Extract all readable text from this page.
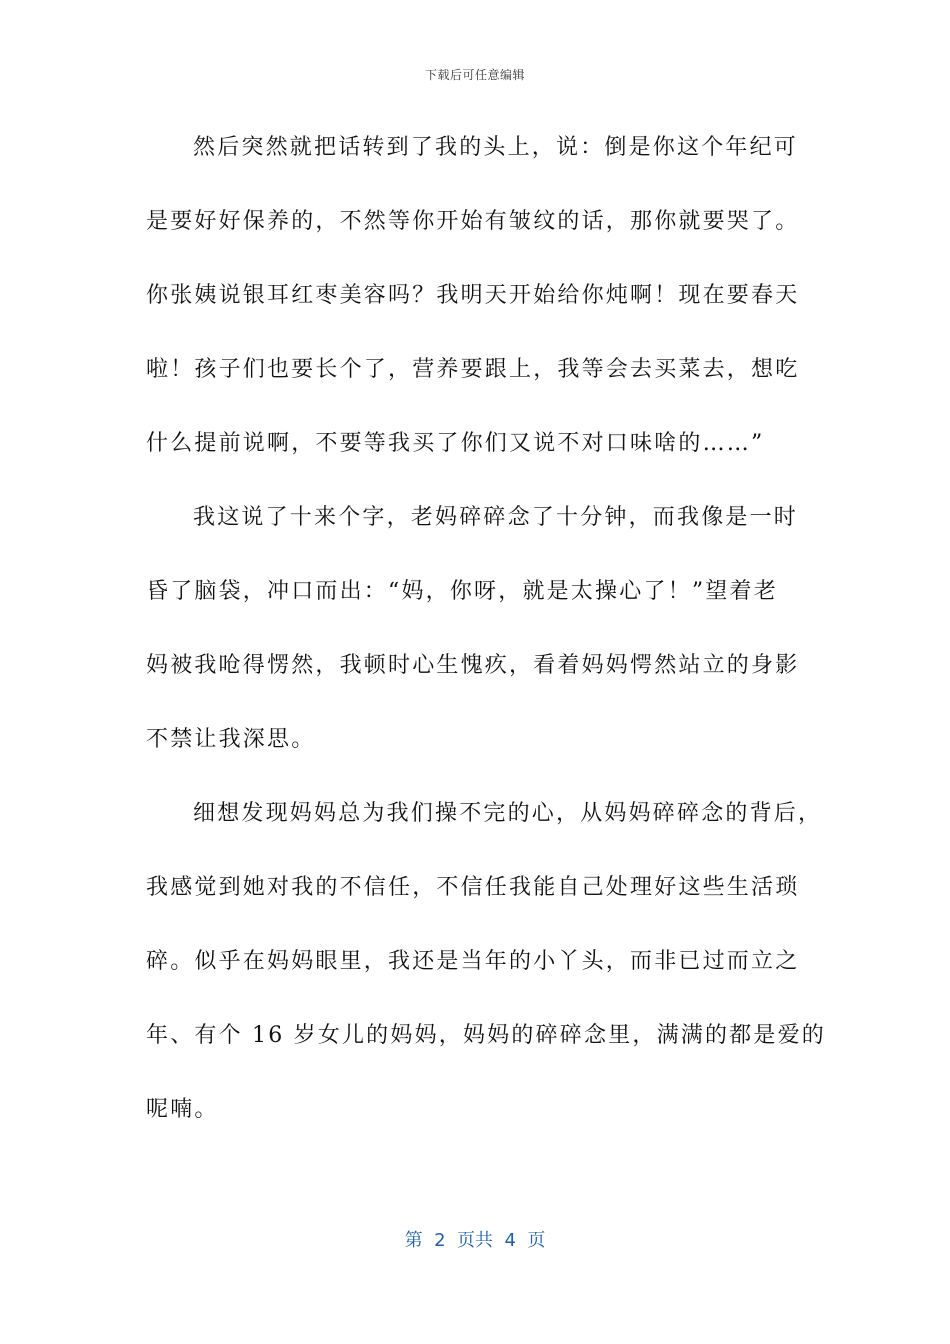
下载后可任意编辑
然后突然就把话转到了我的头上，说：倒是你这个年纪可
是要好好保养的，不然等你开始有皱纹的话，那你就要哭了。
你张姨说银耳红枣美容吗？我明天开始给你炖啊！现在要春天
啦！孩子们也要长个了，营养要跟上，我等会去买菜去，想吃
什么提前说啊，不要等我买了你们又说不对口味啥的……”
我这说了十来个字，老妈碎碎念了十分钟，而我像是一时
昏了脑袋，冲口而出：“妈，你呀，就是太操心了！”望着老
妈被我呛得愣然，我顿时心生愧疚，看着妈妈愕然站立的身影
不禁让我深思。
细想发现妈妈总为我们操不完的心，从妈妈碎碎念的背后，
我感觉到她对我的不信任，不信任我能自己处理好这些生活琐
碎。似乎在妈妈眼里，我还是当年的小丫头，而非已过而立之
年、有个 16 岁女儿的妈妈，妈妈的碎碎念里，满满的都是爱的
呢喃。
第  2  页共  4  页
